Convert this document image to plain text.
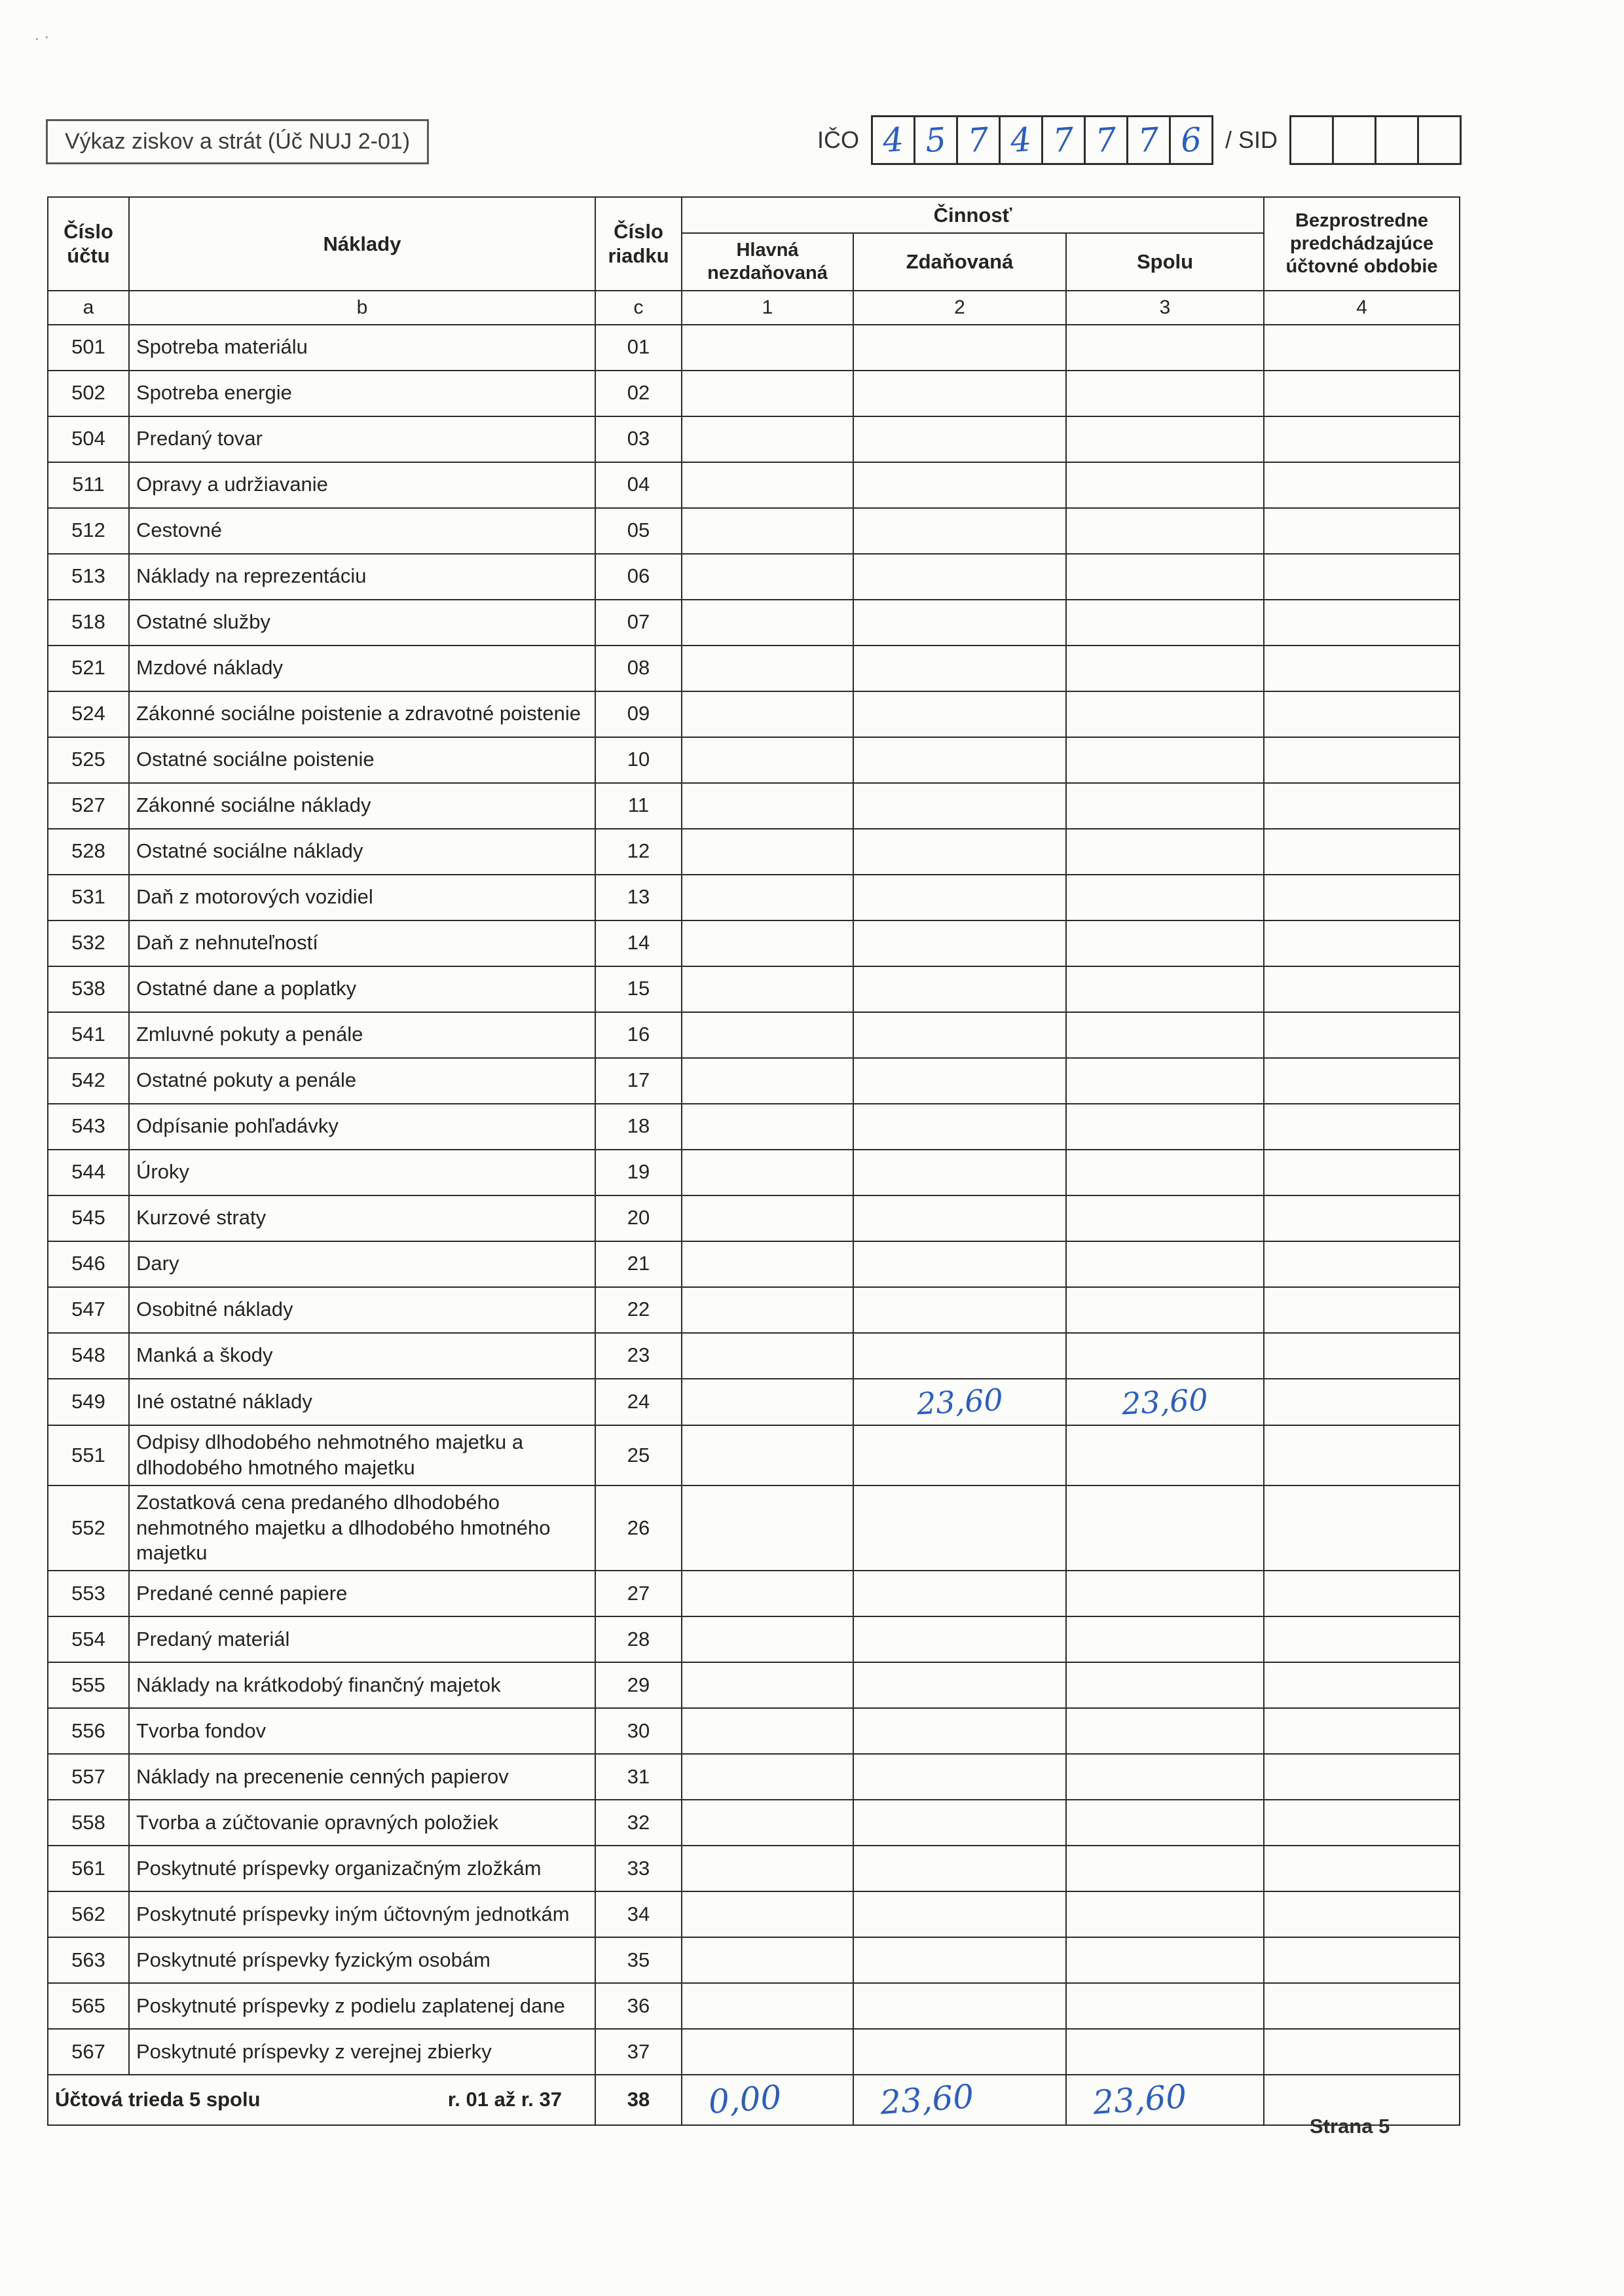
··
Výkaz ziskov a strát (Úč NUJ 2-01)	IČO 4 5 7 4 7 7 7 6 / SID
Číslo účtu	Náklady	Číslo riadku	Činnosť			Bezprostredne predchádzajúce účtovné obdobie
			Hlavná nezdaňovaná	Zdaňovaná	Spolu	
a	b	c	1	2	3	4
501	Spotreba materiálu	01				
502	Spotreba energie	02				
504	Predaný tovar	03				
511	Opravy a udržiavanie	04				
512	Cestovné	05				
513	Náklady na reprezentáciu	06				
518	Ostatné služby	07				
521	Mzdové náklady	08				
524	Zákonné sociálne poistenie a zdravotné poistenie	09				
525	Ostatné sociálne poistenie	10				
527	Zákonné sociálne náklady	11				
528	Ostatné sociálne náklady	12				
531	Daň z motorových vozidiel	13				
532	Daň z nehnuteľností	14				
538	Ostatné dane a poplatky	15				
541	Zmluvné pokuty a penále	16				
542	Ostatné pokuty a penále	17				
543	Odpísanie pohľadávky	18				
544	Úroky	19				
545	Kurzové straty	20				
546	Dary	21				
547	Osobitné náklady	22				
548	Manká a škody	23				
549	Iné ostatné náklady	24		23,60	23,60	
551	Odpisy dlhodobého nehmotného majetku a dlhodobého hmotného majetku	25				
552	Zostatková cena predaného dlhodobého nehmotného majetku a dlhodobého hmotného majetku	26				
553	Predané cenné papiere	27				
554	Predaný materiál	28				
555	Náklady na krátkodobý finančný majetok	29				
556	Tvorba fondov	30				
557	Náklady na precenenie cenných papierov	31				
558	Tvorba a zúčtovanie opravných položiek	32				
561	Poskytnuté príspevky organizačným zložkám	33				
562	Poskytnuté príspevky iným účtovným jednotkám	34				
563	Poskytnuté príspevky fyzickým osobám	35				
565	Poskytnuté príspevky z podielu zaplatenej dane	36				
567	Poskytnuté príspevky z verejnej zbierky	37				

Účtová trieda 5 spolu r. 01 až r. 37		38	0,00	23,60	23,60	
Strana 5
